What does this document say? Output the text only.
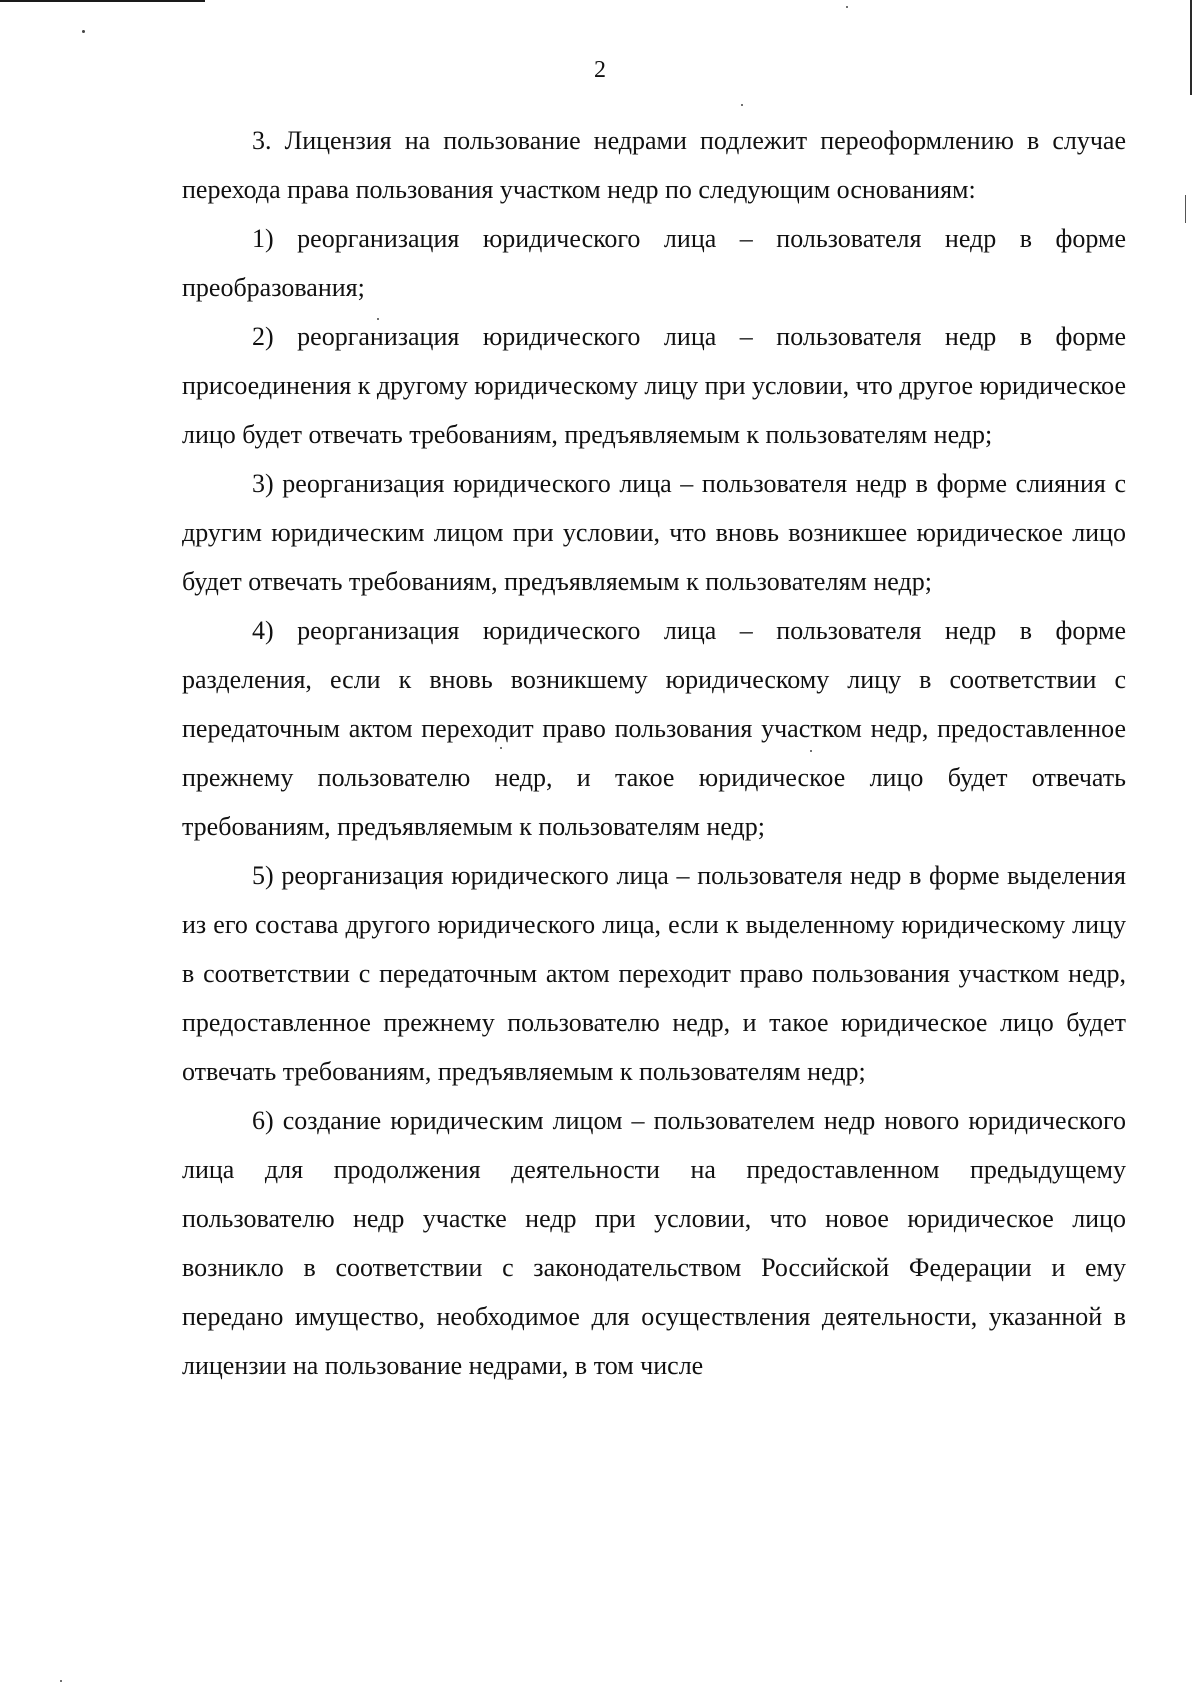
2

3. Лицензия на пользование недрами подлежит переоформлению в случае перехода права пользования участком недр по следующим основаниям:

1) реорганизация юридического лица – пользователя недр в форме преобразования;

2) реорганизация юридического лица – пользователя недр в форме присоединения к другому юридическому лицу при условии, что другое юридическое лицо будет отвечать требованиям, предъявляемым к пользователям недр;

3) реорганизация юридического лица – пользователя недр в форме слияния с другим юридическим лицом при условии, что вновь возникшее юридическое лицо будет отвечать требованиям, предъявляемым к пользователям недр;

4) реорганизация юридического лица – пользователя недр в форме разделения, если к вновь возникшему юридическому лицу в соответствии с передаточным актом переходит право пользования участком недр, предоставленное прежнему пользователю недр, и такое юридическое лицо будет отвечать требованиям, предъявляемым к пользователям недр;

5) реорганизация юридического лица – пользователя недр в форме выделения из его состава другого юридического лица, если к выделенному юридическому лицу в соответствии с передаточным актом переходит право пользования участком недр, предоставленное прежнему пользователю недр, и такое юридическое лицо будет отвечать требованиям, предъявляемым к пользователям недр;

6) создание юридическим лицом – пользователем недр нового юридического лица для продолжения деятельности на предоставленном предыдущему пользователю недр участке недр при условии, что новое юридическое лицо возникло в соответствии с законодательством Российской Федерации и ему передано имущество, необходимое для осуществления деятельности, указанной в лицензии на пользование недрами, в том числе
